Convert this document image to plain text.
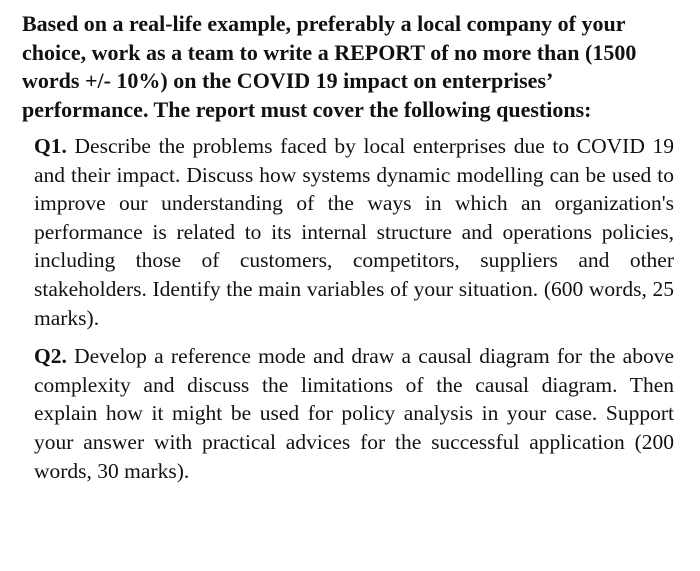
Based on a real-life example, preferably a local company of your choice, work as a team to write a REPORT of no more than (1500 words +/- 10%) on the COVID 19 impact on enterprises’ performance. The report must cover the following questions:

Q1. Describe the problems faced by local enterprises due to COVID 19 and their impact. Discuss how systems dynamic modelling can be used to improve our understanding of the ways in which an organization's performance is related to its internal structure and operations policies, including those of customers, competitors, suppliers and other stakeholders. Identify the main variables of your situation. (600 words, 25 marks).

Q2. Develop a reference mode and draw a causal diagram for the above complexity and discuss the limitations of the causal diagram. Then explain how it might be used for policy analysis in your case. Support your answer with practical advices for the successful application (200 words, 30 marks).
